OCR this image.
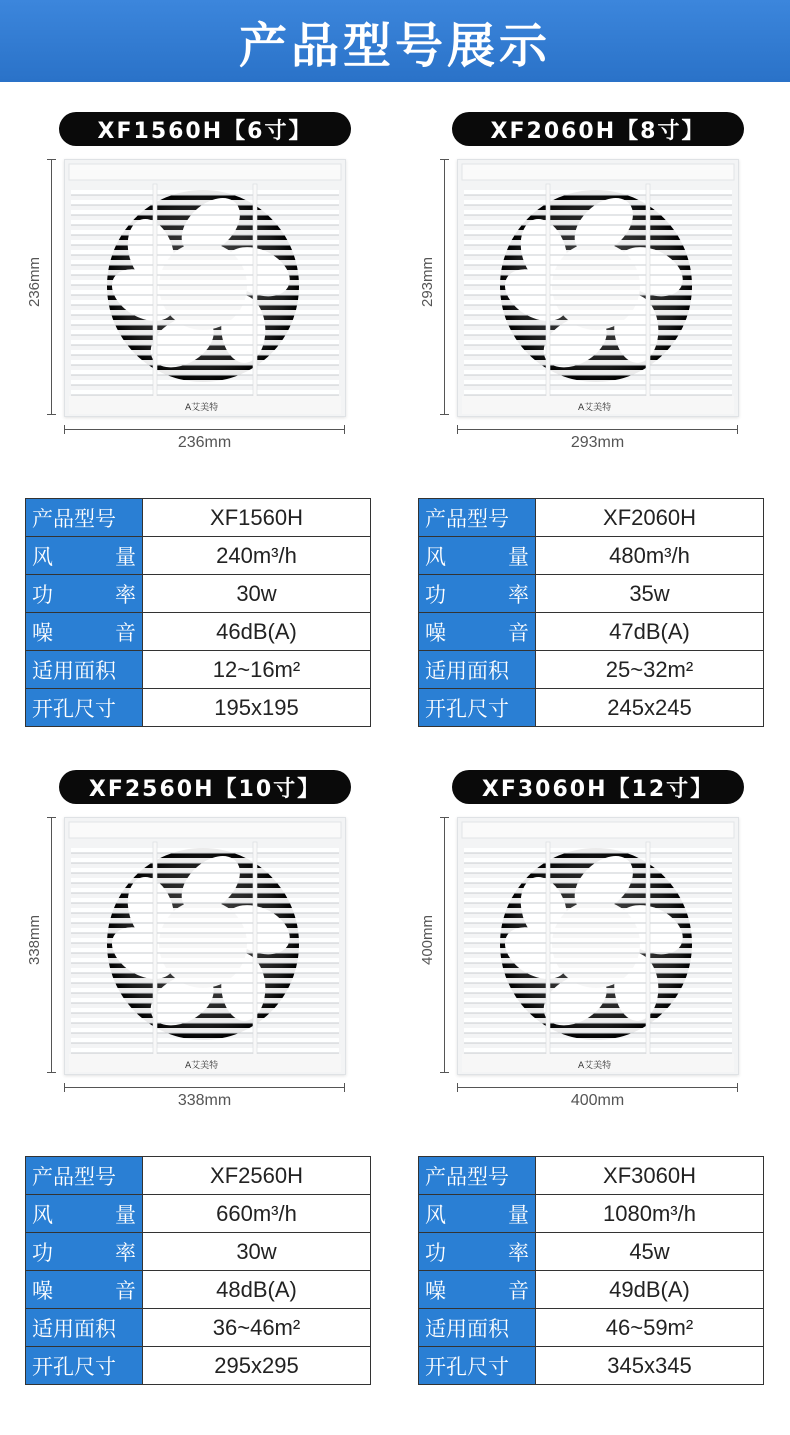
产品型号展示
XF1560H【6寸】
236mm
A艾美特
236mm
产品型号	XF1560H

风 量	240m³/h

功 率	30w

噪 音	46dB(A)

适用面积	12~16m²

开孔尺寸	195x195
XF2060H【8寸】
293mm
A艾美特
293mm
产品型号	XF2060H

风 量	480m³/h

功 率	35w

噪 音	47dB(A)

适用面积	25~32m²

开孔尺寸	245x245
XF2560H【10寸】
338mm
A艾美特
338mm
产品型号	XF2560H

风 量	660m³/h

功 率	30w

噪 音	48dB(A)

适用面积	36~46m²

开孔尺寸	295x295
XF3060H【12寸】
400mm
A艾美特
400mm
产品型号	XF3060H

风 量	1080m³/h

功 率	45w

噪 音	49dB(A)

适用面积	46~59m²

开孔尺寸	345x345
